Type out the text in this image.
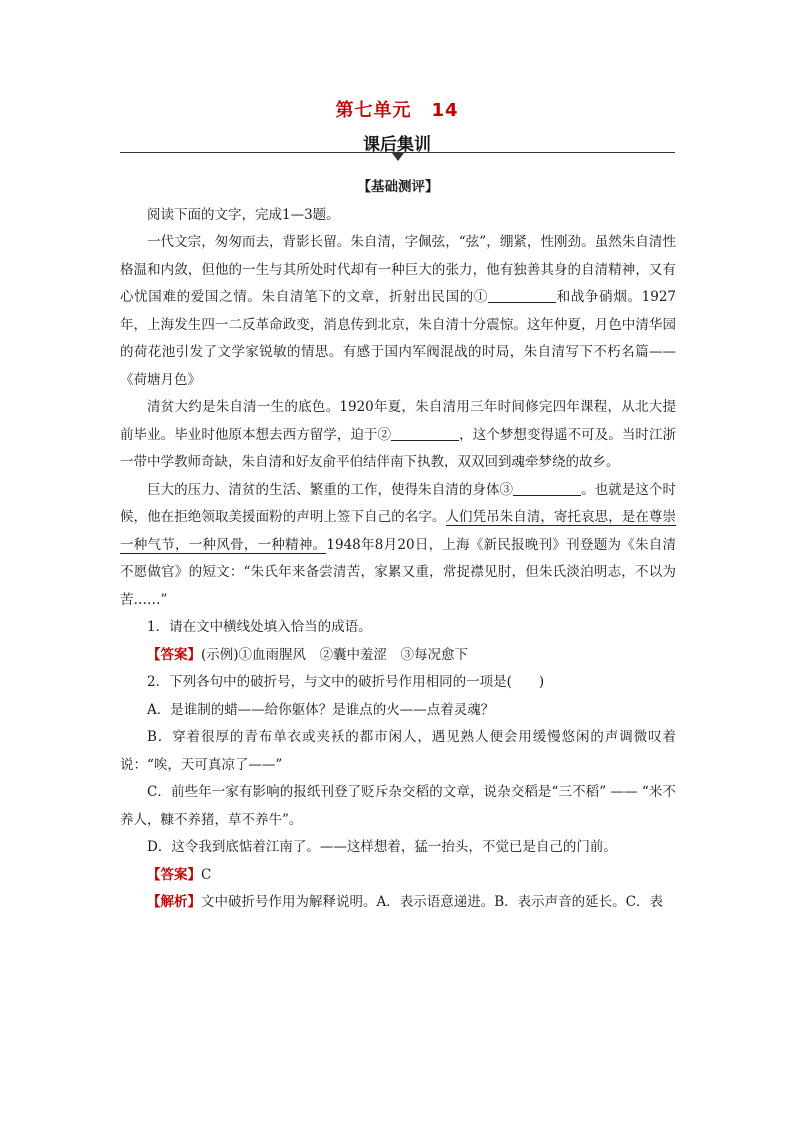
第七单元 14
课后集训

【基础测评】

阅读下面的文字，完成1—3题。

一代文宗，匆匆而去，背影长留。朱自清，字佩弦，“弦”，绷紧，性刚劲。虽然朱自清性格温和内敛，但他的一生与其所处时代却有一种巨大的张力，他有独善其身的自清精神，又有心忧国难的爱国之情。朱自清笔下的文章，折射出民国的①	和战争硝烟。1927年，上海发生四一二反革命政变，消息传到北京，朱自清十分震惊。这年仲夏，月色中清华园的荷花池引发了文学家锐敏的情思。有感于国内军阀混战的时局，朱自清写下不朽名篇——《荷塘月色》

清贫大约是朱自清一生的底色。1920年夏，朱自清用三年时间修完四年课程，从北大提前毕业。毕业时他原本想去西方留学，迫于②	，这个梦想变得遥不可及。当时江浙一带中学教师奇缺，朱自清和好友俞平伯结伴南下执教，双双回到魂牵梦绕的故乡。

巨大的压力、清贫的生活、繁重的工作，使得朱自清的身体③	。也就是这个时候，他在拒绝领取美援面粉的声明上签下自己的名字。人们凭吊朱自清，寄托哀思，是在尊崇一种气节，一种风骨，一种精神。1948年8月20日，上海《新民报晚刊》刊登题为《朱自清不愿做官》的短文：“朱氏年来备尝清苦，家累又重，常捉襟见肘，但朱氏淡泊明志，不以为苦……”

1．请在文中横线处填入恰当的成语。

【答案】(示例)①血雨腥风　②囊中羞涩　③每况愈下

2．下列各句中的破折号，与文中的破折号作用相同的一项是(　　)

A．是谁制的蜡——给你躯体？是谁点的火——点着灵魂？

B．穿着很厚的青布单衣或夹袄的都市闲人，遇见熟人便会用缓慢悠闲的声调微叹着说：“唉，天可真凉了——”

C．前些年一家有影响的报纸刊登了贬斥杂交稻的文章，说杂交稻是“三不稻” —— “米不养人，糠不养猪，草不养牛”。

D．这令我到底惦着江南了。——这样想着，猛一抬头，不觉已是自己的门前。

【答案】C

【解析】文中破折号作用为解释说明。A．表示语意递进。B．表示声音的延长。C．表
